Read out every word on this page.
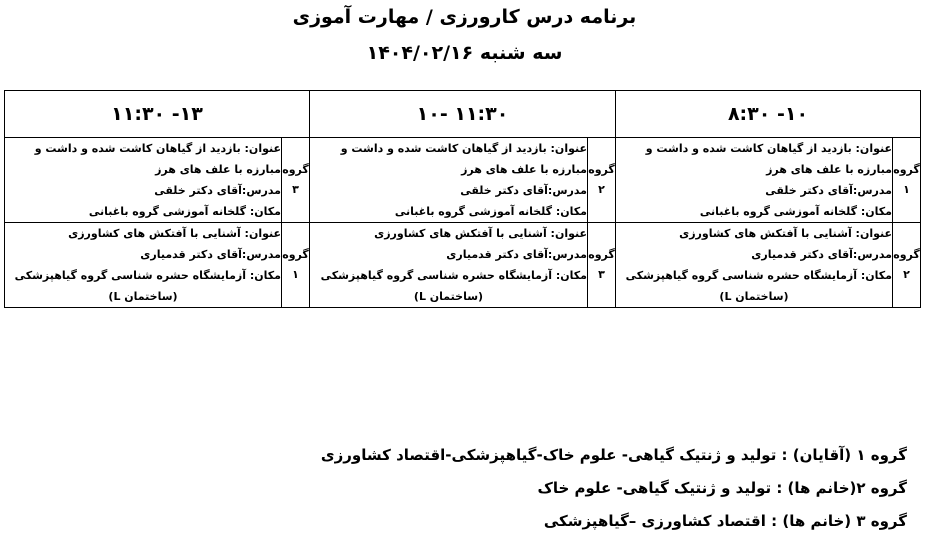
برنامه درس کارورزی / مهارت آموزی
سه شنبه ۱۴۰۴/۰۲/۱۶
۸:۳۰ -۱۰		۱۰- ۱۱:۳۰		۱۱:۳۰ -۱۳	
گروه ۱	عنوان: بازدید از گیاهان کاشت شده و داشت و
مبارزه با علف های هرز
مدرس:آقای دکتر خلقی
مکان: گلخانه آموزشی گروه باغبانی	گروه ۲	عنوان: بازدید از گیاهان کاشت شده و داشت و
مبارزه با علف های هرز
مدرس:آقای دکتر خلقی
مکان: گلخانه آموزشی گروه باغبانی	گروه ۳	عنوان: بازدید از گیاهان کاشت شده و داشت و
مبارزه با علف های هرز
مدرس:آقای دکتر خلقی
مکان: گلخانه آموزشی گروه باغبانی

گروه ۲	عنوان: آشنایی با آفتکش های کشاورزی
مدرس:آقای دکتر قدمیاری
مکان: آزمایشگاه حشره شناسی گروه گیاهپزشکی
(ساختمان L)	گروه ۳	عنوان: آشنایی با آفتکش های کشاورزی
مدرس:آقای دکتر قدمیاری
مکان: آزمایشگاه حشره شناسی گروه گیاهپزشکی
(ساختمان L)	گروه ۱	عنوان: آشنایی با آفتکش های کشاورزی
مدرس:آقای دکتر قدمیاری
مکان: آزمایشگاه حشره شناسی گروه گیاهپزشکی
(ساختمان L)
گروه ۱ (آقایان) : تولید و ژنتیک گیاهی- علوم خاک-گیاهپزشکی-اقتصاد کشاورزی
گروه ۲(خانم ها) : تولید و ژنتیک گیاهی- علوم خاک
گروه ۳ (خانم ها) : اقتصاد کشاورزی –گیاهپزشکی
